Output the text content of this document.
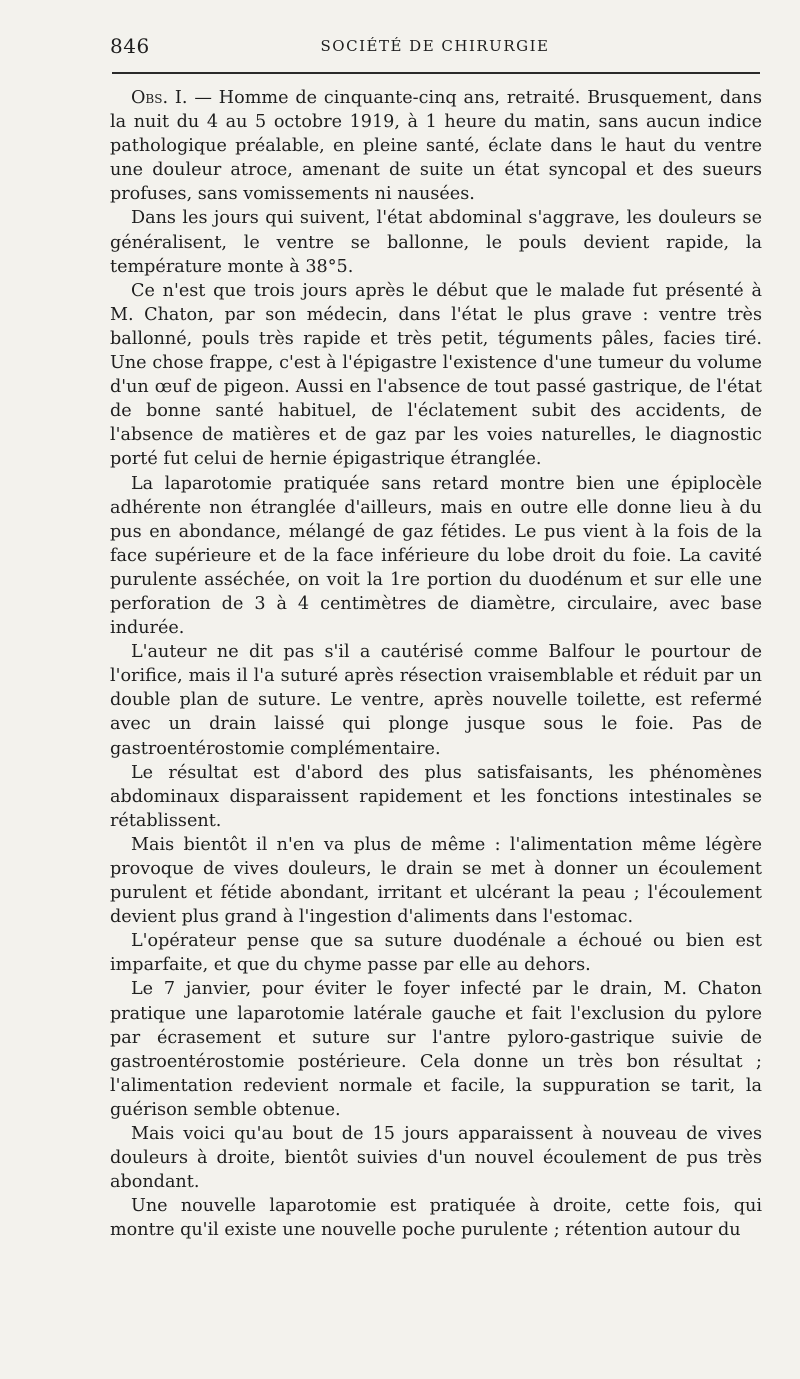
846	SOCIÉTÉ DE CHIRURGIE

Obs. I. — Homme de cinquante-cinq ans, retraité. Brusquement, dans la nuit du 4 au 5 octobre 1919, à 1 heure du matin, sans aucun indice pathologique préalable, en pleine santé, éclate dans le haut du ventre une douleur atroce, amenant de suite un état syncopal et des sueurs profuses, sans vomissements ni nausées.

Dans les jours qui suivent, l'état abdominal s'aggrave, les douleurs se généralisent, le ventre se ballonne, le pouls devient rapide, la température monte à 38°5.

Ce n'est que trois jours après le début que le malade fut présenté à M. Chaton, par son médecin, dans l'état le plus grave : ventre très ballonné, pouls très rapide et très petit, téguments pâles, facies tiré. Une chose frappe, c'est à l'épigastre l'existence d'une tumeur du volume d'un œuf de pigeon. Aussi en l'absence de tout passé gastrique, de l'état de bonne santé habituel, de l'éclatement subit des accidents, de l'absence de matières et de gaz par les voies naturelles, le diagnostic porté fut celui de hernie épigastrique étranglée.

La laparotomie pratiquée sans retard montre bien une épiplocèle adhérente non étranglée d'ailleurs, mais en outre elle donne lieu à du pus en abondance, mélangé de gaz fétides. Le pus vient à la fois de la face supérieure et de la face inférieure du lobe droit du foie. La cavité purulente asséchée, on voit la 1re portion du duodénum et sur elle une perforation de 3 à 4 centimètres de diamètre, circulaire, avec base indurée.

L'auteur ne dit pas s'il a cautérisé comme Balfour le pourtour de l'orifice, mais il l'a suturé après résection vraisemblable et réduit par un double plan de suture. Le ventre, après nouvelle toilette, est refermé avec un drain laissé qui plonge jusque sous le foie. Pas de gastroentérostomie complémentaire.

Le résultat est d'abord des plus satisfaisants, les phénomènes abdominaux disparaissent rapidement et les fonctions intestinales se rétablissent.

Mais bientôt il n'en va plus de même : l'alimentation même légère provoque de vives douleurs, le drain se met à donner un écoulement purulent et fétide abondant, irritant et ulcérant la peau ; l'écoulement devient plus grand à l'ingestion d'aliments dans l'estomac.

L'opérateur pense que sa suture duodénale a échoué ou bien est imparfaite, et que du chyme passe par elle au dehors.

Le 7 janvier, pour éviter le foyer infecté par le drain, M. Chaton pratique une laparotomie latérale gauche et fait l'exclusion du pylore par écrasement et suture sur l'antre pyloro-gastrique suivie de gastroentérostomie postérieure. Cela donne un très bon résultat ; l'alimentation redevient normale et facile, la suppuration se tarit, la guérison semble obtenue.

Mais voici qu'au bout de 15 jours apparaissent à nouveau de vives douleurs à droite, bientôt suivies d'un nouvel écoulement de pus très abondant.

Une nouvelle laparotomie est pratiquée à droite, cette fois, qui montre qu'il existe une nouvelle poche purulente ; rétention autour du
